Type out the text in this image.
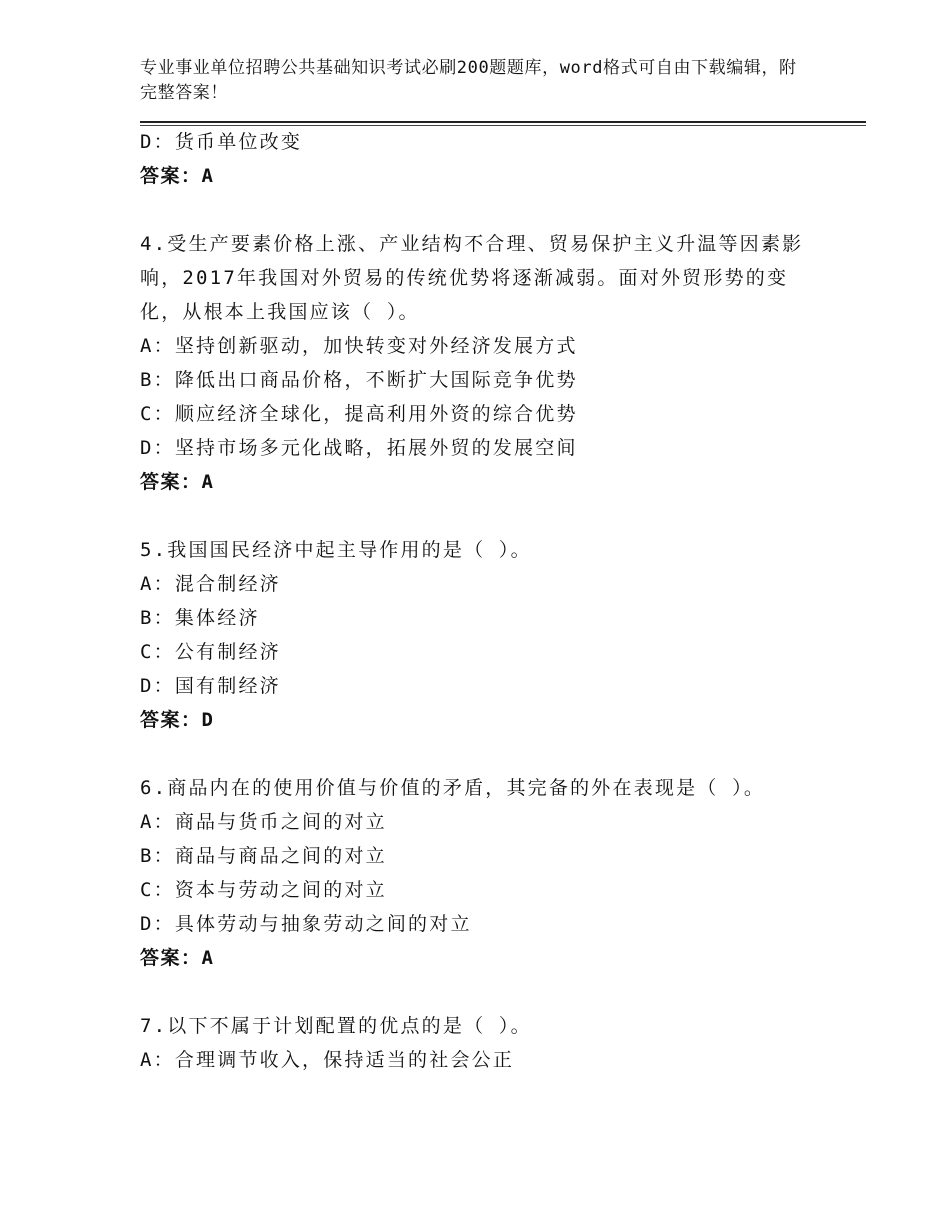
专业事业单位招聘公共基础知识考试必刷200题题库，word格式可自由下载编辑，附完整答案！
D：货币单位改变
答案：A
4.受生产要素价格上涨、产业结构不合理、贸易保护主义升温等因素影响，2017年我国对外贸易的传统优势将逐渐减弱。面对外贸形势的变化，从根本上我国应该（ ）。
A：坚持创新驱动，加快转变对外经济发展方式
B：降低出口商品价格，不断扩大国际竞争优势
C：顺应经济全球化，提高利用外资的综合优势
D：坚持市场多元化战略，拓展外贸的发展空间
答案：A
5.我国国民经济中起主导作用的是（ ）。
A：混合制经济
B：集体经济
C：公有制经济
D：国有制经济
答案：D
6.商品内在的使用价值与价值的矛盾，其完备的外在表现是（ ）。
A：商品与货币之间的对立
B：商品与商品之间的对立
C：资本与劳动之间的对立
D：具体劳动与抽象劳动之间的对立
答案：A
7.以下不属于计划配置的优点的是（ ）。
A：合理调节收入，保持适当的社会公正
